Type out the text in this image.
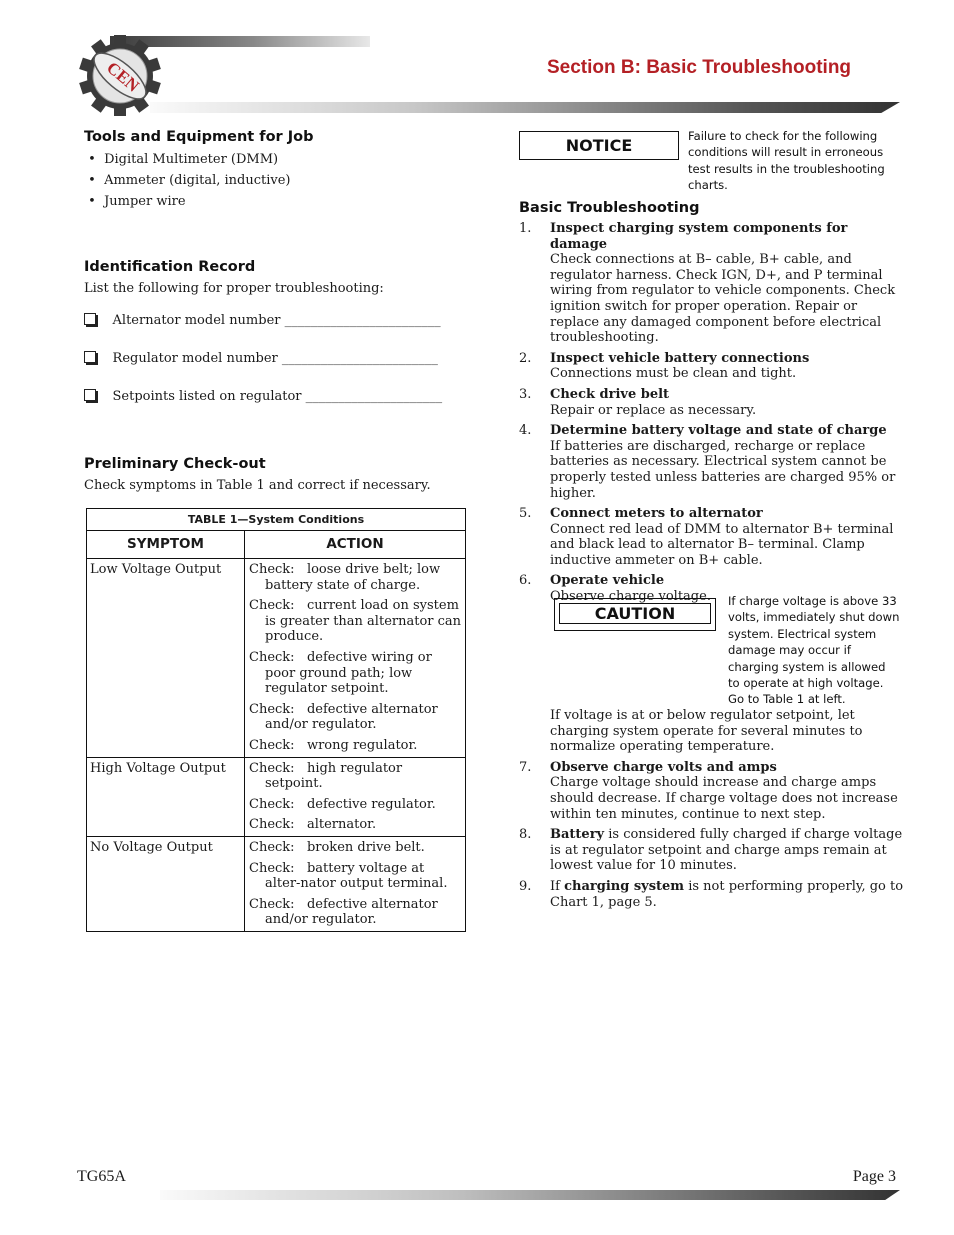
CEN	Section B: Basic Troubleshooting
Tools and Equipment for Job
•  Digital Multimeter (DMM)
•  Ammeter (digital, inductive)
•  Jumper wire
Identification Record
List the following for proper troubleshooting:
Alternator model number ________________________
Regulator model number ________________________
Setpoints listed on regulator _____________________
Preliminary Check-out
Check symptoms in Table 1 and correct if necessary.
TABLE 1—System Conditions	
SYMPTOM	ACTION
Low Voltage Output	Check:   loose drive belt; low battery state of charge.
Check:   current load on system is greater than alternator can produce.
Check:   defective wiring or poor ground path; low regulator setpoint.
Check:   defective alternator and/or regulator.
Check:   wrong regulator.

High Voltage Output	Check:   high regulator setpoint.
Check:   defective regulator.
Check:   alternator.

No Voltage Output	Check:   broken drive belt.
Check:   battery voltage at alter-nator output terminal.
Check:   defective alternator and/or regulator.
NOTICE	Failure to check for the following conditions will result in erroneous test results in the troubleshooting charts.
Basic Troubleshooting
1. Inspect charging system components for damage
Check connections at B– cable, B+ cable, and regulator harness. Check IGN, D+, and P terminal wiring from regulator to vehicle components. Check ignition switch for proper operation. Repair or replace any damaged component before electrical troubleshooting.
2. Inspect vehicle battery connections
Connections must be clean and tight.
3. Check drive belt
Repair or replace as necessary.
4. Determine battery voltage and state of charge
If batteries are discharged, recharge or replace batteries as necessary. Electrical system cannot be properly tested unless batteries are charged 95% or higher.
5. Connect meters to alternator
Connect red lead of DMM to alternator B+ terminal and black lead to alternator B– terminal. Clamp inductive ammeter on B+ cable.
6. Operate vehicle
Observe charge voltage.
CAUTION
If charge voltage is above 33 volts, immediately shut down system. Electrical system damage may occur if charging system is allowed to operate at high voltage. Go to Table 1 at left.
If voltage is at or below regulator setpoint, let charging system operate for several minutes to normalize operating temperature.
7. Observe charge volts and amps
Charge voltage should increase and charge amps should decrease. If charge voltage does not increase within ten minutes, continue to next step.
8. Battery is considered fully charged if charge voltage is at regulator setpoint and charge amps remain at lowest value for 10 minutes.
9. If charging system is not performing properly, go to Chart 1, page 5.
TG65A	Page 3
